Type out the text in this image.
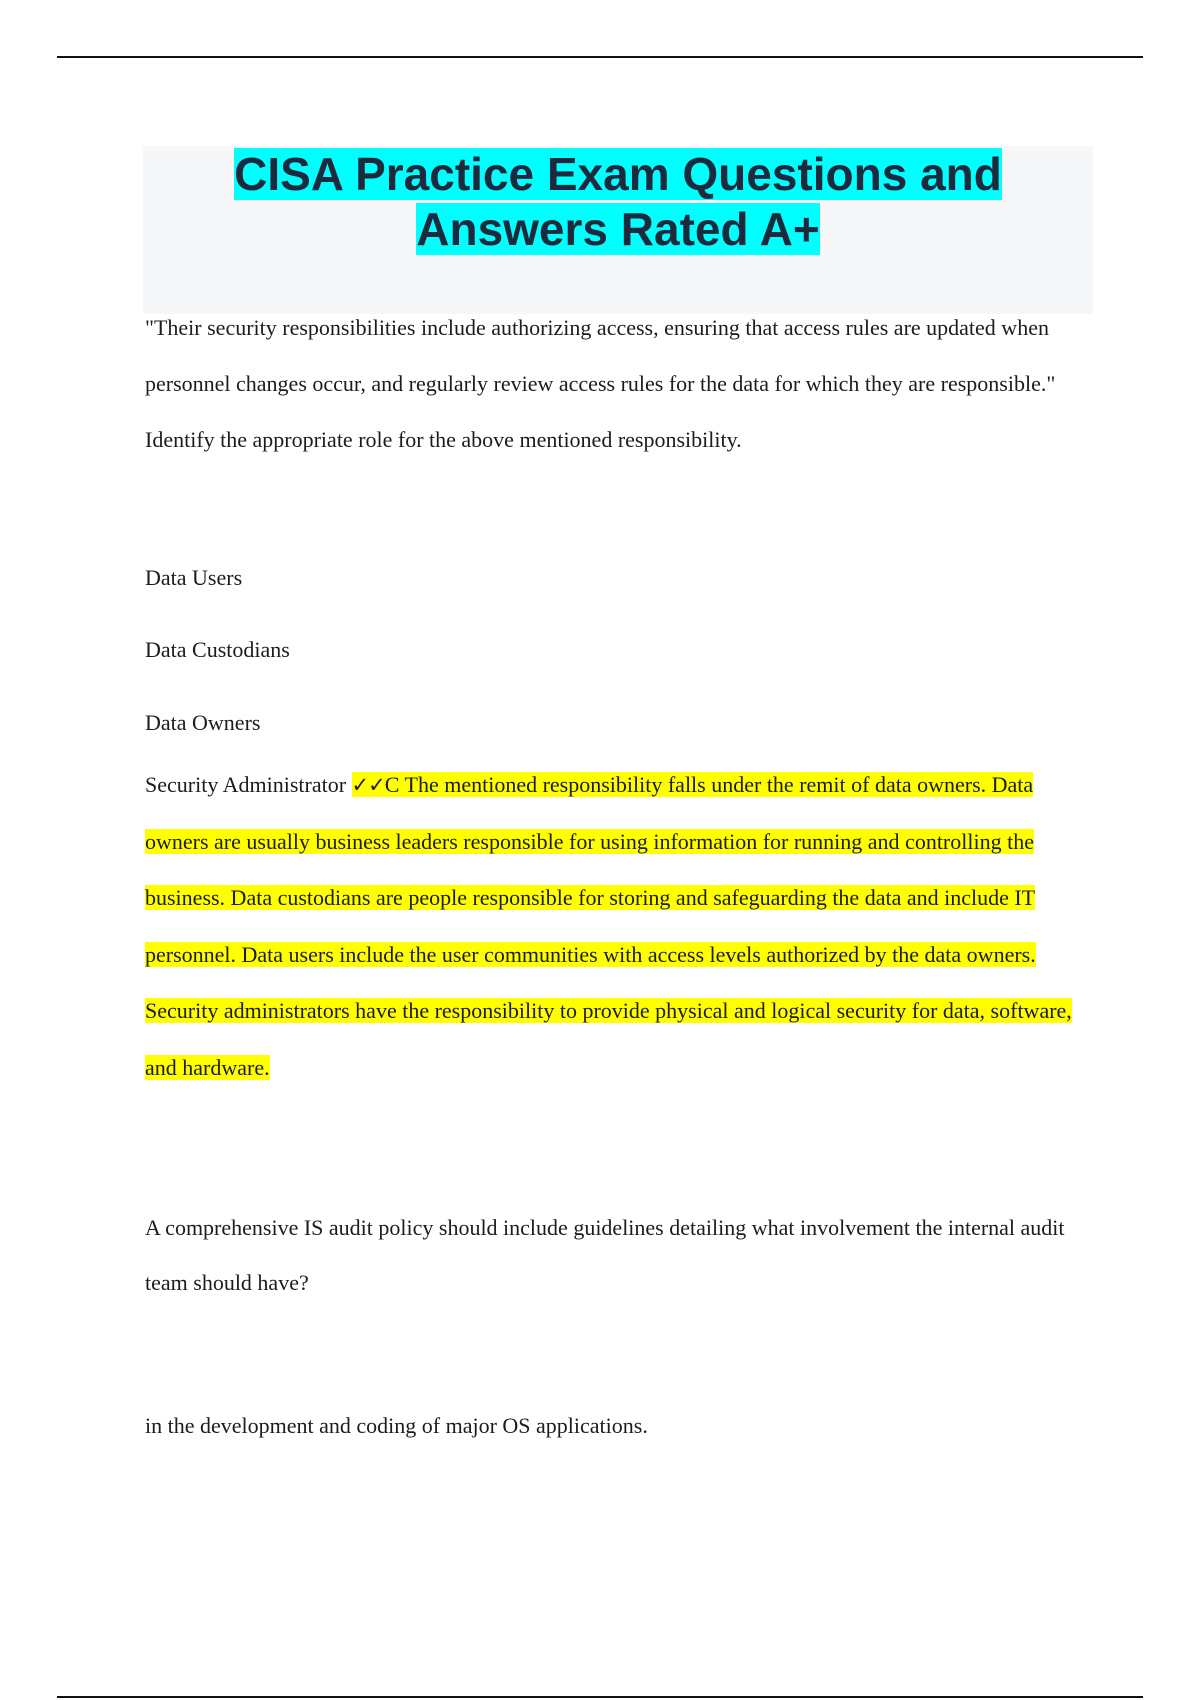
CISA Practice Exam Questions and
Answers Rated A+

"Their security responsibilities include authorizing access, ensuring that access rules are updated when personnel changes occur, and regularly review access rules for the data for which they are responsible." Identify the appropriate role for the above mentioned responsibility.

Data Users

Data Custodians

Data Owners

Security Administrator ✓✓C The mentioned responsibility falls under the remit of data owners. Data owners are usually business leaders responsible for using information for running and controlling the business. Data custodians are people responsible for storing and safeguarding the data and include IT personnel. Data users include the user communities with access levels authorized by the data owners. Security administrators have the responsibility to provide physical and logical security for data, software, and hardware.

A comprehensive IS audit policy should include guidelines detailing what involvement the internal audit team should have?

in the development and coding of major OS applications.
